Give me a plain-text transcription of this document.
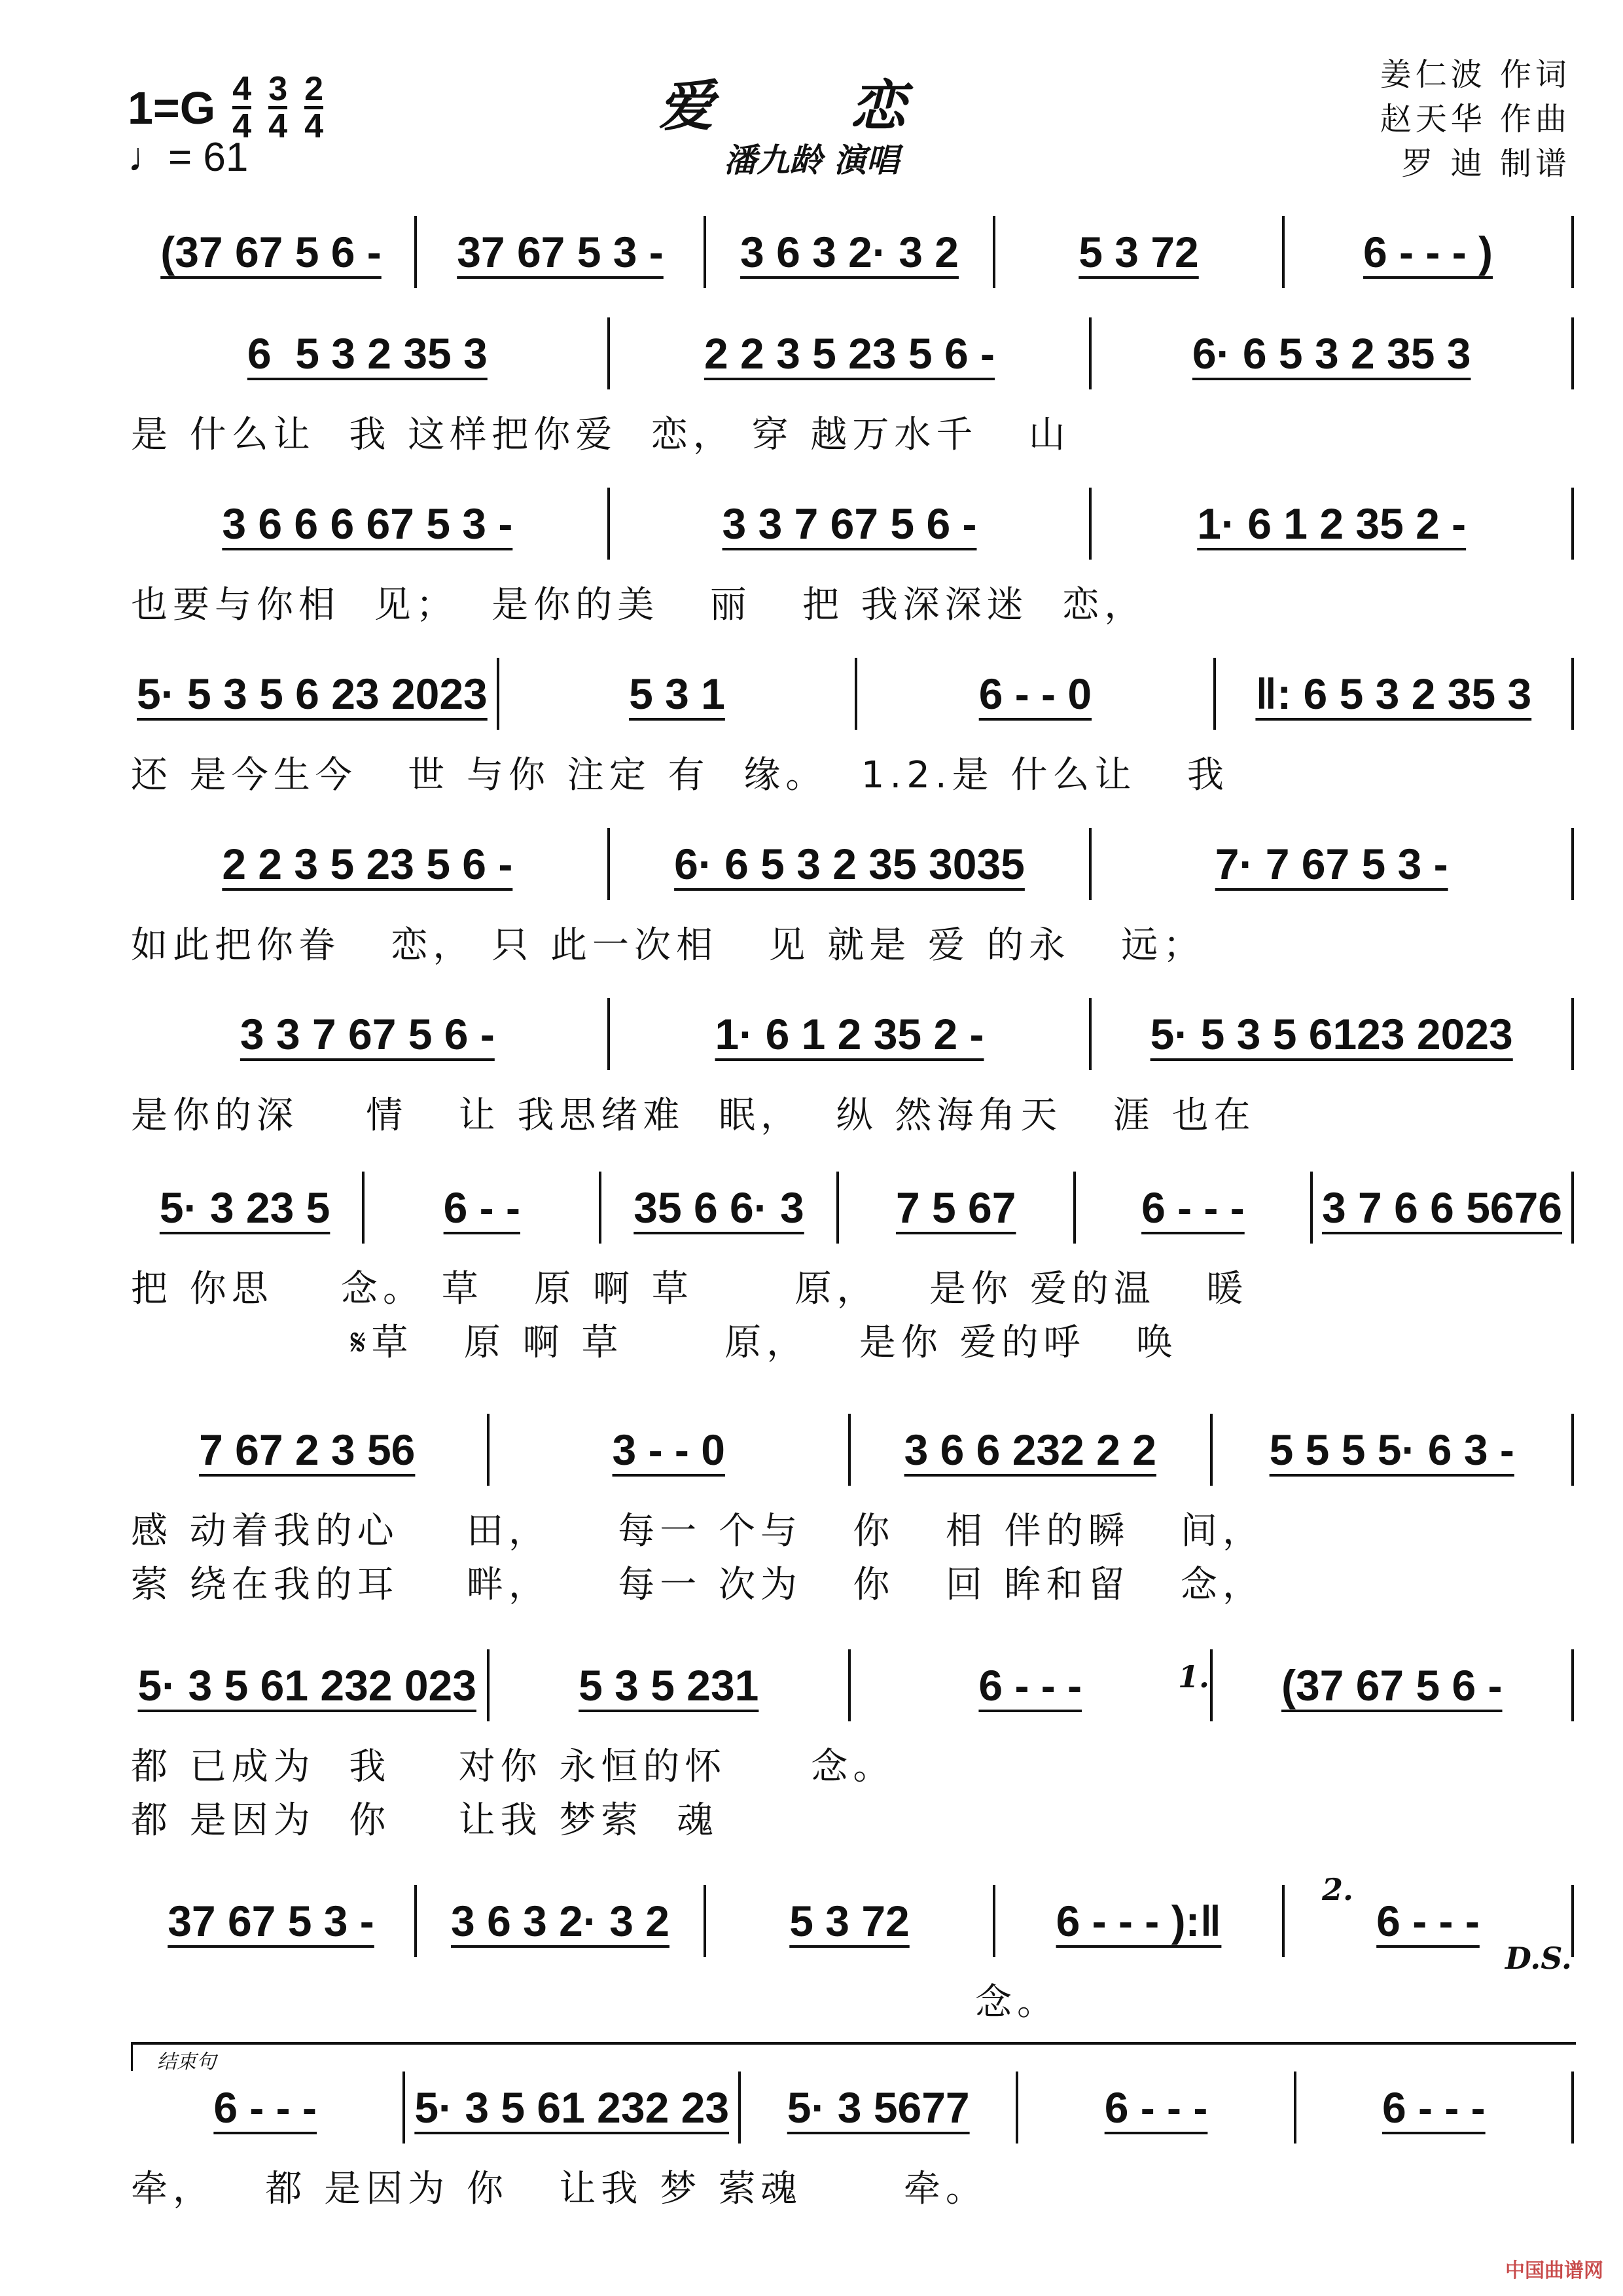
$1=G \frac{4}{4} \frac{3}{4} \frac{2}{4}$
♩= 61
爱 恋
潘九龄 演唱
姜仁波 作词
赵天华 作曲
罗 迪 制谱
(37 67 5 6 -	37 67 5 3 -	3 6 3 2· 3 2	5 3 72	6 - - - )
6  5 3 2 35 3	2 2 3 5 23 5 6 -	6· 6 5 3 2 35 3
是 什么让  我 这样把你爱  恋， 穿 越万水千   山
3 6 6 6 67 5 3 -	3 3 7 67 5 6 -	1· 6 1 2 35 2 -
也要与你相  见；  是你的美   丽   把 我深深迷  恋，
5· 5 3 5 6 23 2023	5 3 1	6 - - 0	‖: 6 5 3 2 35 3
还 是今生今   世 与你 注定 有  缘。  1.2.是 什么让   我
2 2 3 5 23 5 6 -	6· 6 5 3 2 35 3035	7· 7 67 5 3 -
如此把你眷   恋， 只 此一次相   见 就是 爱 的永   远；
3 3 7 67 5 6 -	1· 6 1 2 35 2 -	5· 5 3 5 6123 2023
是你的深    情   让 我思绪难  眠，  纵 然海角天   涯 也在
5· 3 23 5	6 - -	35 6 6· 3	7 5 67	6 - - -	3 7 6 6 5676
把 你思    念。 草   原 啊 草      原，   是你 爱的温   暖
𝄋草   原 啊 草      原，   是你 爱的呼   唤
7 67 2 3 56	3 - - 0	3 6 6 232 2 2	5 5 5 5· 6 3 -
感 动着我的心    田，    每一 个与   你   相 伴的瞬   间，
萦 绕在我的耳    畔，    每一 次为   你   回 眸和留   念，
5· 3 5 61 232 023	5 3 5 231	6 - - -	(37 67 5 6 -
都 已成为  我    对你 永恒的怀     念。
都 是因为  你    让我 梦萦  魂
37 67 5 3 -	3 6 3 2· 3 2	5 3 72	6 - - - ):‖	6 - - -
念。
6 - - -	5· 3 5 61 232 23	5· 3 5677	6 - - -	6 - - -
牵，   都 是因为 你   让我 梦 萦魂      牵。
1.
2.
D.S.
结束句
中国曲谱网
